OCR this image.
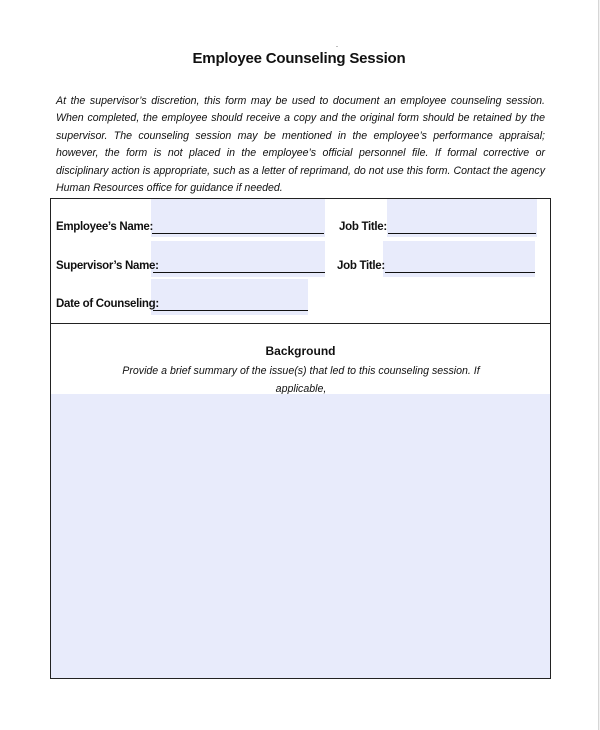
-
Employee Counseling Session
At the supervisor’s discretion, this form may be used to document an employee counseling session. When completed, the employee should receive a copy and the original form should be retained by the supervisor. The counseling session may be mentioned in the employee’s performance appraisal; however, the form is not placed in the employee’s official personnel file. If formal corrective or disciplinary action is appropriate, such as a letter of reprimand, do not use this form. Contact the agency Human Resources office for guidance if needed.
Employee’s Name:	Job Title:
Supervisor’s Name:	Job Title:
Date of Counseling:
Background
Provide a brief summary of the issue(s) that led to this counseling session. If applicable,
